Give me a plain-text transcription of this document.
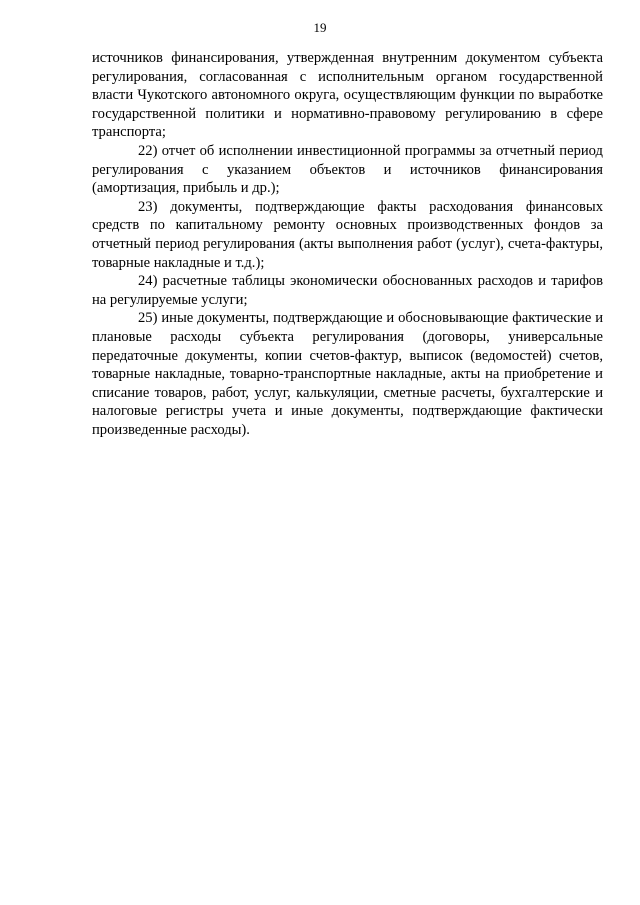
19

источников финансирования, утвержденная внутренним документом субъекта регулирования, согласованная с исполнительным органом государственной власти Чукотского автономного округа, осуществляющим функции по выработке государственной политики и нормативно-правовому регулированию в сфере транспорта;

22) отчет об исполнении инвестиционной программы за отчетный период регулирования с указанием объектов и источников финансирования (амортизация, прибыль и др.);

23) документы, подтверждающие факты расходования финансовых средств по капитальному ремонту основных производственных фондов за отчетный период регулирования (акты выполнения работ (услуг), счета-фактуры, товарные накладные и т.д.);

24) расчетные таблицы экономически обоснованных расходов и тарифов на регулируемые услуги;

25) иные документы, подтверждающие и обосновывающие фактические и плановые расходы субъекта регулирования (договоры, универсальные передаточные документы, копии счетов-фактур, выписок (ведомостей) счетов, товарные накладные, товарно-транспортные накладные, акты на приобретение и списание товаров, работ, услуг, калькуляции, сметные расчеты, бухгалтерские и налоговые регистры учета и иные документы, подтверждающие фактически произведенные расходы).
